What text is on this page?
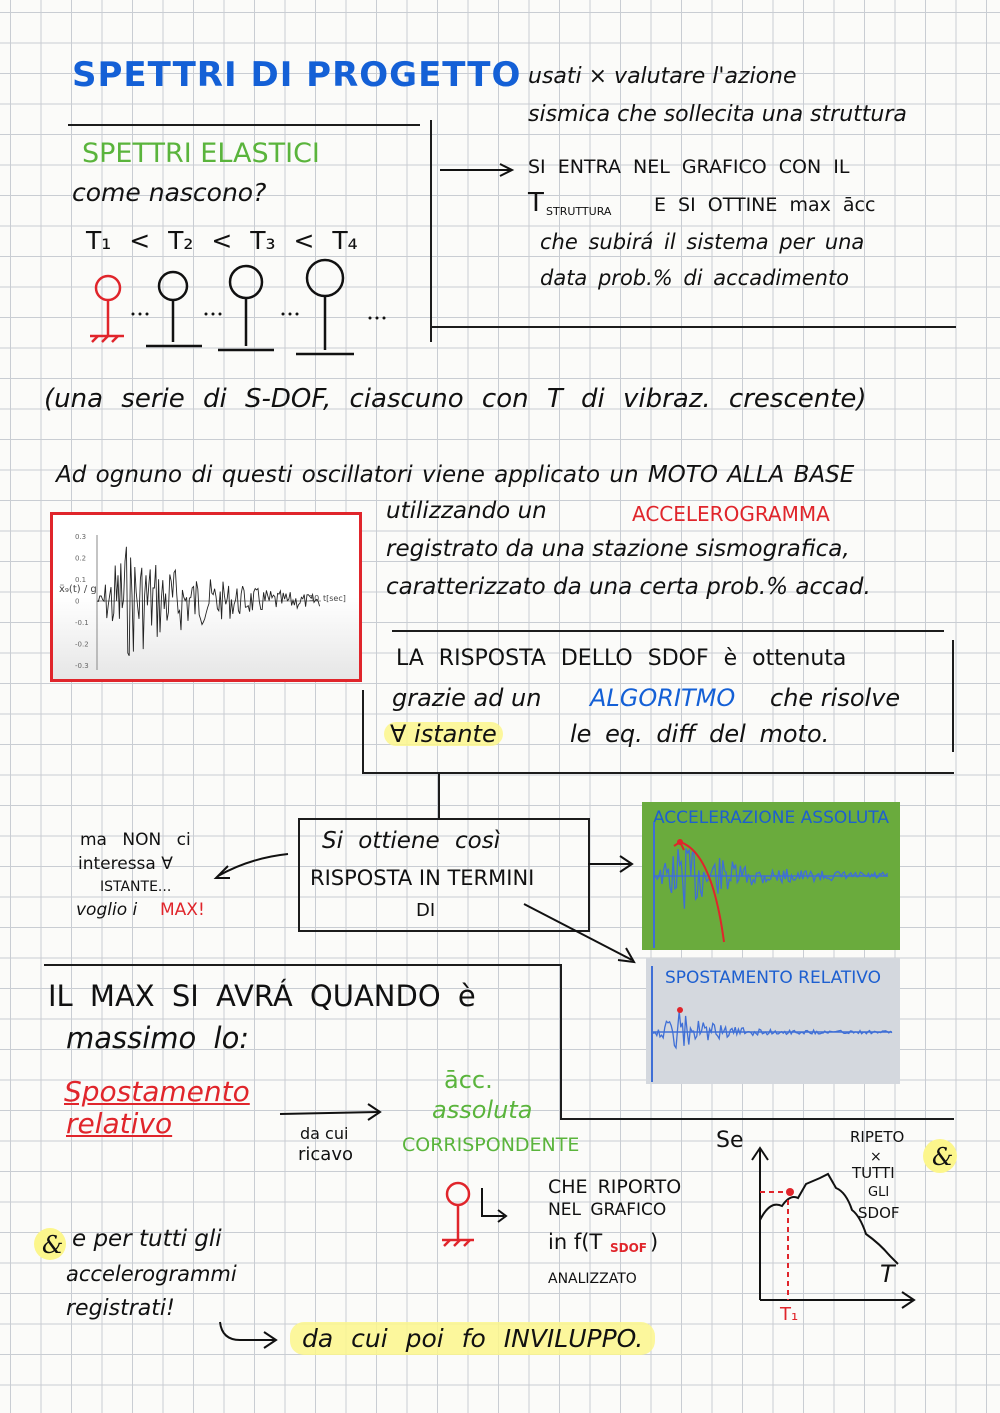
SPETTRI DI PROGETTO usati × valutare l'azione
sismica che sollecita una struttura
SPETTRI ELASTICI
come nascono?
T₁ < T₂ < T₃ < T₄
SI ENTRA NEL GRAFICO CON IL
T STRUTTURA E SI OTTINE max ācc
che subirá il sistema per una
data prob.% di accadimento
(una serie di S-DOF, ciascuno con T di vibraz. crescente)
Ad ognuno di questi oscillatori viene applicato un MOTO ALLA BASE
utilizzando un	ACCELEROGRAMMA
registrato da una stazione sismografica,
caratterizzato da una certa prob.% accad.
0.3
0.2
0.1
0
-0.1
-0.2
-0.3
ẍ₉(t) / g
30 t[sec]
LA RISPOSTA DELLO SDOF è ottenuta
grazie ad un ALGORITMO che risolve
∀ istante	le eq. diff del moto.
ma NON ci
interessa ∀
ISTANTE...
voglio i MAX!
Si ottiene così
RISPOSTA IN TERMINI
DI
ACCELERAZIONE ASSOLUTA
SPOSTAMENTO RELATIVO
IL MAX SI AVRÁ QUANDO è
massimo lo:
Spostamento
relativo	da cui
ricavo
ācc.
assoluta
CORRISPONDENTE
CHE RIPORTO
NEL GRAFICO
in f(T SDOF )
ANALIZZATO
Se
T
T₁
RIPETO
×
TUTTI
GLI
SDOF
&
& e per tutti gli
accelerogrammi
registrati!
da cui poi fo INVILUPPO.
